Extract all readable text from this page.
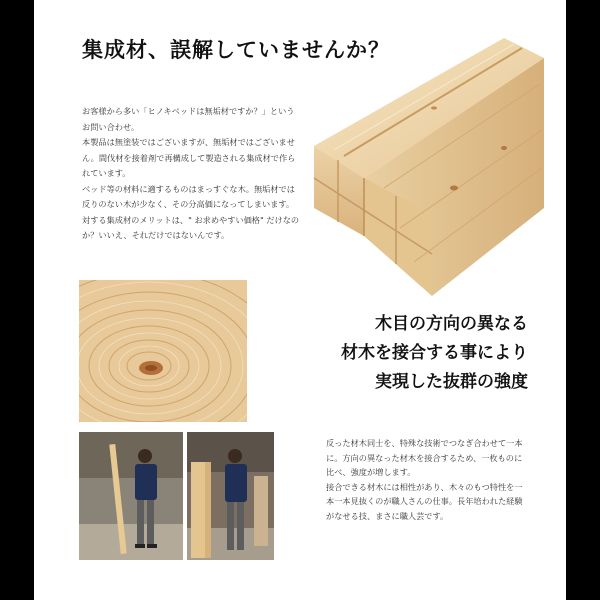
集成材、誤解していませんか？

お客様から多い「ヒノキベッドは無垢材ですか？」という

お問い合わせ。

本製品は無塗装ではございますが、無垢材ではございませ

ん。間伐材を接着剤で再構成して製造される集成材で作ら

れています。

ベッド等の材料に適するものはまっすぐな木。無垢材では

反りのない木が少なく、その分高価になってしまいます。

対する集成材のメリットは、" お求めやすい価格" だけなの

か？いいえ、それだけではないんです。

木目の方向の異なる
材木を接合する事により
実現した抜群の強度

反った材木同士を、特殊な技術でつなぎ合わせて一本

に。方向の異なった材木を接合するため、一枚ものに

比べ、強度が増します。

接合できる材木には相性があり、木々のもつ特性を一

本一本見抜くのが職人さんの仕事。長年培われた経験

がなせる技、まさに職人芸です。
